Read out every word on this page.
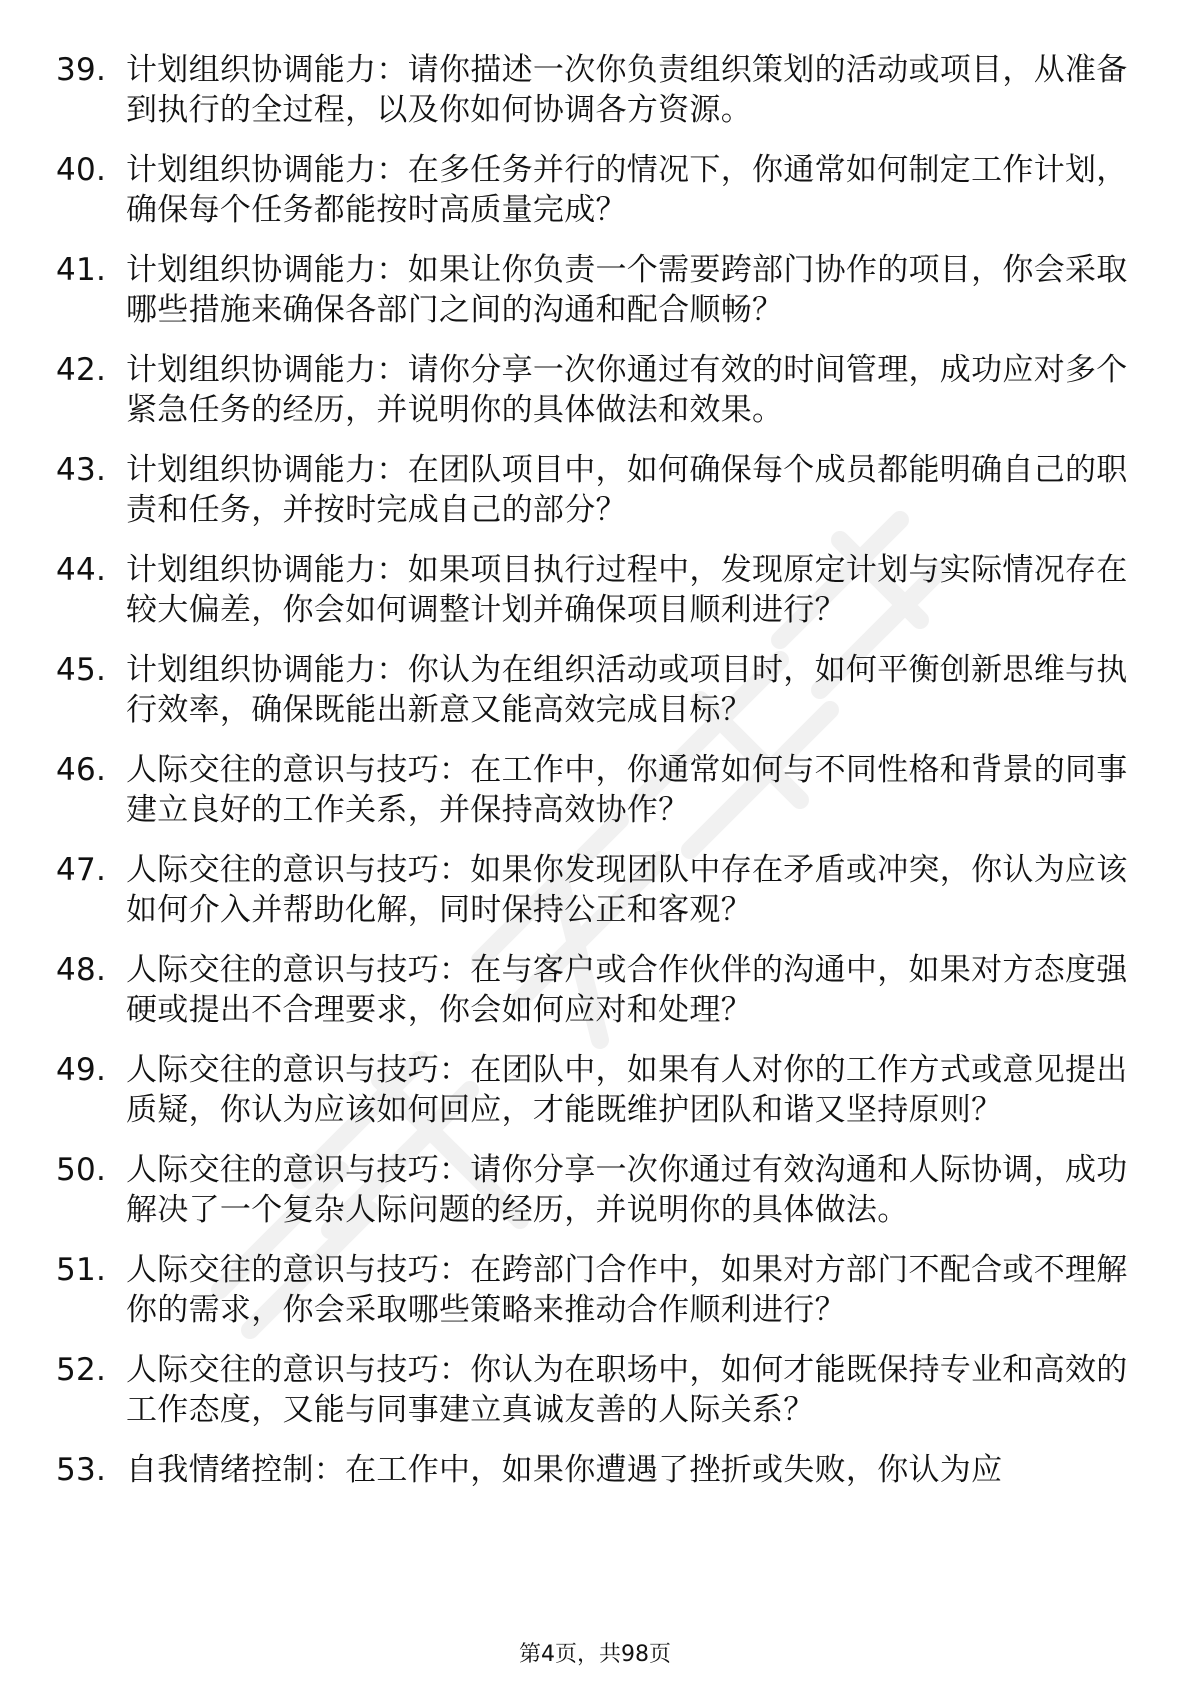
39. 计划组织协调能力：请你描述一次你负责组织策划的活动或项目，从准备到执行的全过程，以及你如何协调各方资源。
40. 计划组织协调能力：在多任务并行的情况下，你通常如何制定工作计划，确保每个任务都能按时高质量完成？
41. 计划组织协调能力：如果让你负责一个需要跨部门协作的项目，你会采取哪些措施来确保各部门之间的沟通和配合顺畅？
42. 计划组织协调能力：请你分享一次你通过有效的时间管理，成功应对多个紧急任务的经历，并说明你的具体做法和效果。
43. 计划组织协调能力：在团队项目中，如何确保每个成员都能明确自己的职责和任务，并按时完成自己的部分？
44. 计划组织协调能力：如果项目执行过程中，发现原定计划与实际情况存在较大偏差，你会如何调整计划并确保项目顺利进行？
45. 计划组织协调能力：你认为在组织活动或项目时，如何平衡创新思维与执行效率，确保既能出新意又能高效完成目标？
46. 人际交往的意识与技巧：在工作中，你通常如何与不同性格和背景的同事建立良好的工作关系，并保持高效协作？
47. 人际交往的意识与技巧：如果你发现团队中存在矛盾或冲突，你认为应该如何介入并帮助化解，同时保持公正和客观？
48. 人际交往的意识与技巧：在与客户或合作伙伴的沟通中，如果对方态度强硬或提出不合理要求，你会如何应对和处理？
49. 人际交往的意识与技巧：在团队中，如果有人对你的工作方式或意见提出质疑，你认为应该如何回应，才能既维护团队和谐又坚持原则？
50. 人际交往的意识与技巧：请你分享一次你通过有效沟通和人际协调，成功解决了一个复杂人际问题的经历，并说明你的具体做法。
51. 人际交往的意识与技巧：在跨部门合作中，如果对方部门不配合或不理解你的需求，你会采取哪些策略来推动合作顺利进行？
52. 人际交往的意识与技巧：你认为在职场中，如何才能既保持专业和高效的工作态度，又能与同事建立真诚友善的人际关系？
53. 自我情绪控制：在工作中，如果你遭遇了挫折或失败，你认为应
第4页，共98页
